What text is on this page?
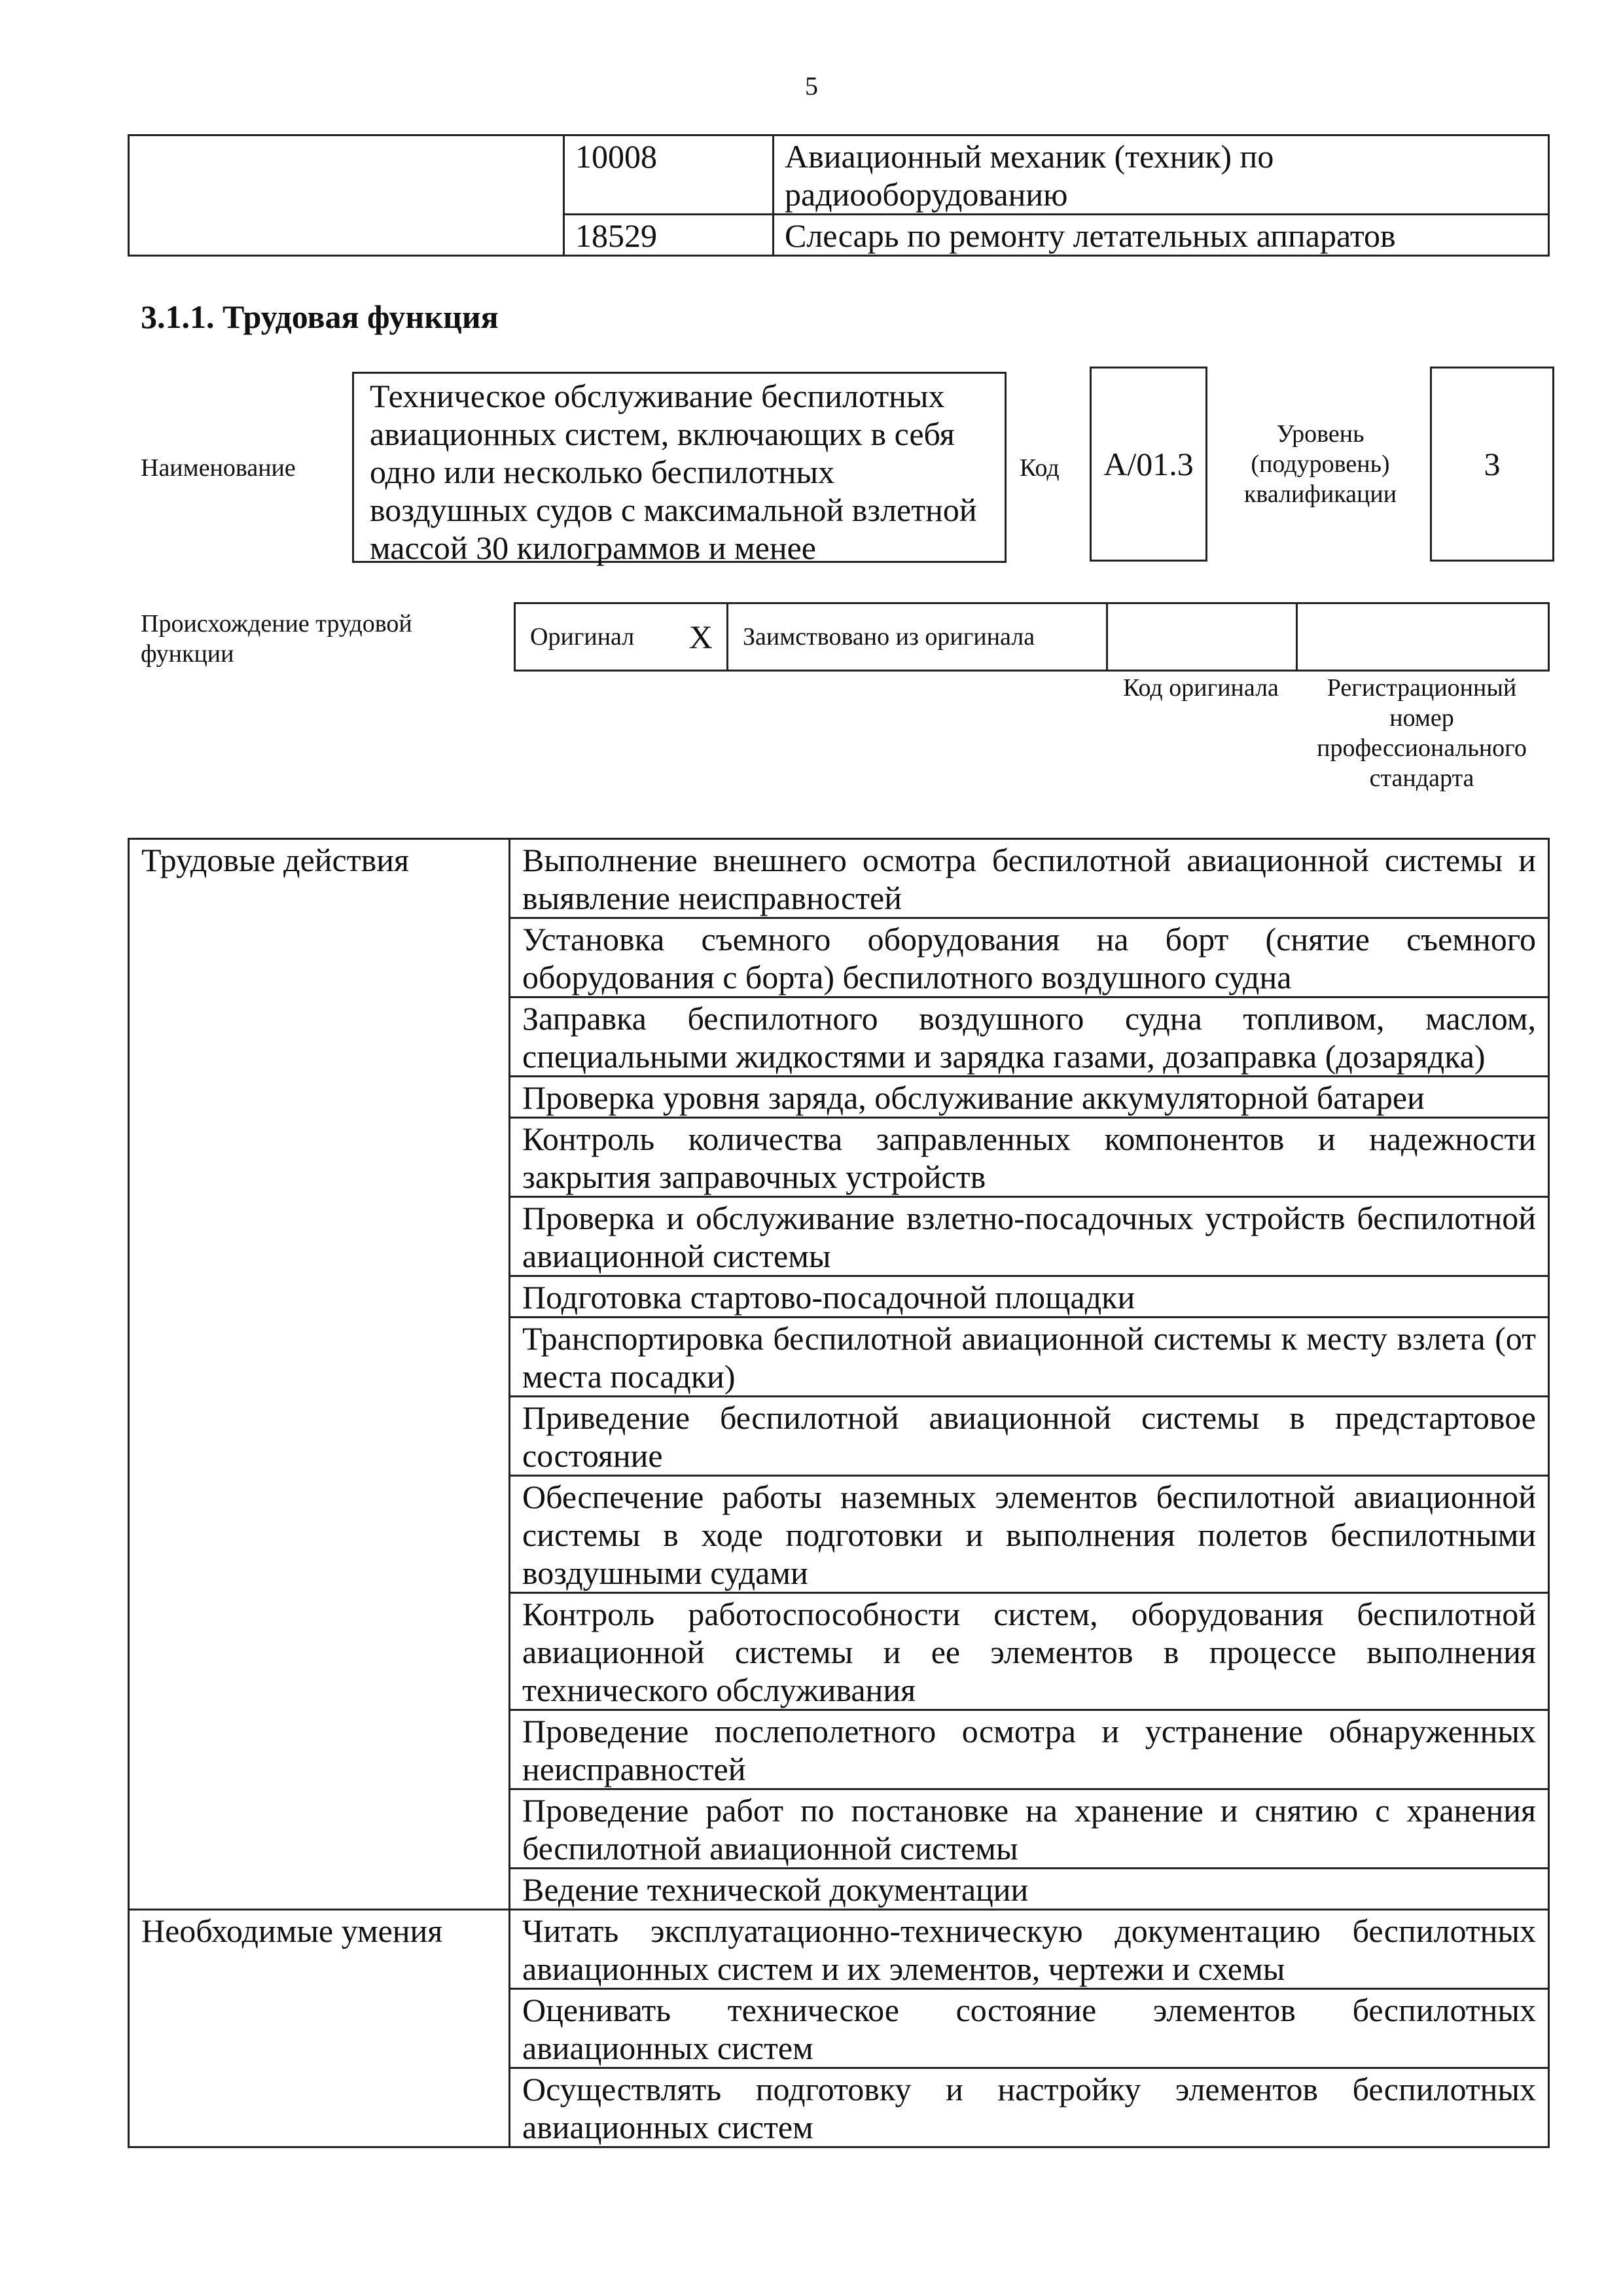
5
	10008	Авиационный механик (техник) по радиооборудованию
	18529	Слесарь по ремонту летательных аппаратов
3.1.1. Трудовая функция
Наименование
Техническое обслуживание беспилотных авиационных систем, включающих в себя одно или несколько беспилотных воздушных судов с максимальной взлетной массой 30 килограммов и менее
Код	A/01.3
Уровень (подуровень) квалификации
3
Происхождение трудовой функции
Оригинал	X	Заимствовано из оригинала		
Код оригинала	Регистрационный номер профессионального стандарта
Трудовые действия	Выполнение внешнего осмотра беспилотной авиационной системы и выявление неисправностей
	Установка съемного оборудования на борт (снятие съемного оборудования с борта) беспилотного воздушного судна
	Заправка беспилотного воздушного судна топливом, маслом, специальными жидкостями и зарядка газами, дозаправка (дозарядка)
	Проверка уровня заряда, обслуживание аккумуляторной батареи
	Контроль количества заправленных компонентов и надежности закрытия заправочных устройств
	Проверка и обслуживание взлетно-посадочных устройств беспилотной авиационной системы
	Подготовка стартово-посадочной площадки
	Транспортировка беспилотной авиационной системы к месту взлета (от места посадки)
	Приведение беспилотной авиационной системы в предстартовое состояние
	Обеспечение работы наземных элементов беспилотной авиационной системы в ходе подготовки и выполнения полетов беспилотными воздушными судами
	Контроль работоспособности систем, оборудования беспилотной авиационной системы и ее элементов в процессе выполнения технического обслуживания
	Проведение послеполетного осмотра и устранение обнаруженных неисправностей
	Проведение работ по постановке на хранение и снятию с хранения беспилотной авиационной системы
	Ведение технической документации
Необходимые умения	Читать эксплуатационно-техническую документацию беспилотных авиационных систем и их элементов, чертежи и схемы
	Оценивать техническое состояние элементов беспилотных авиационных систем
	Осуществлять подготовку и настройку элементов беспилотных авиационных систем
